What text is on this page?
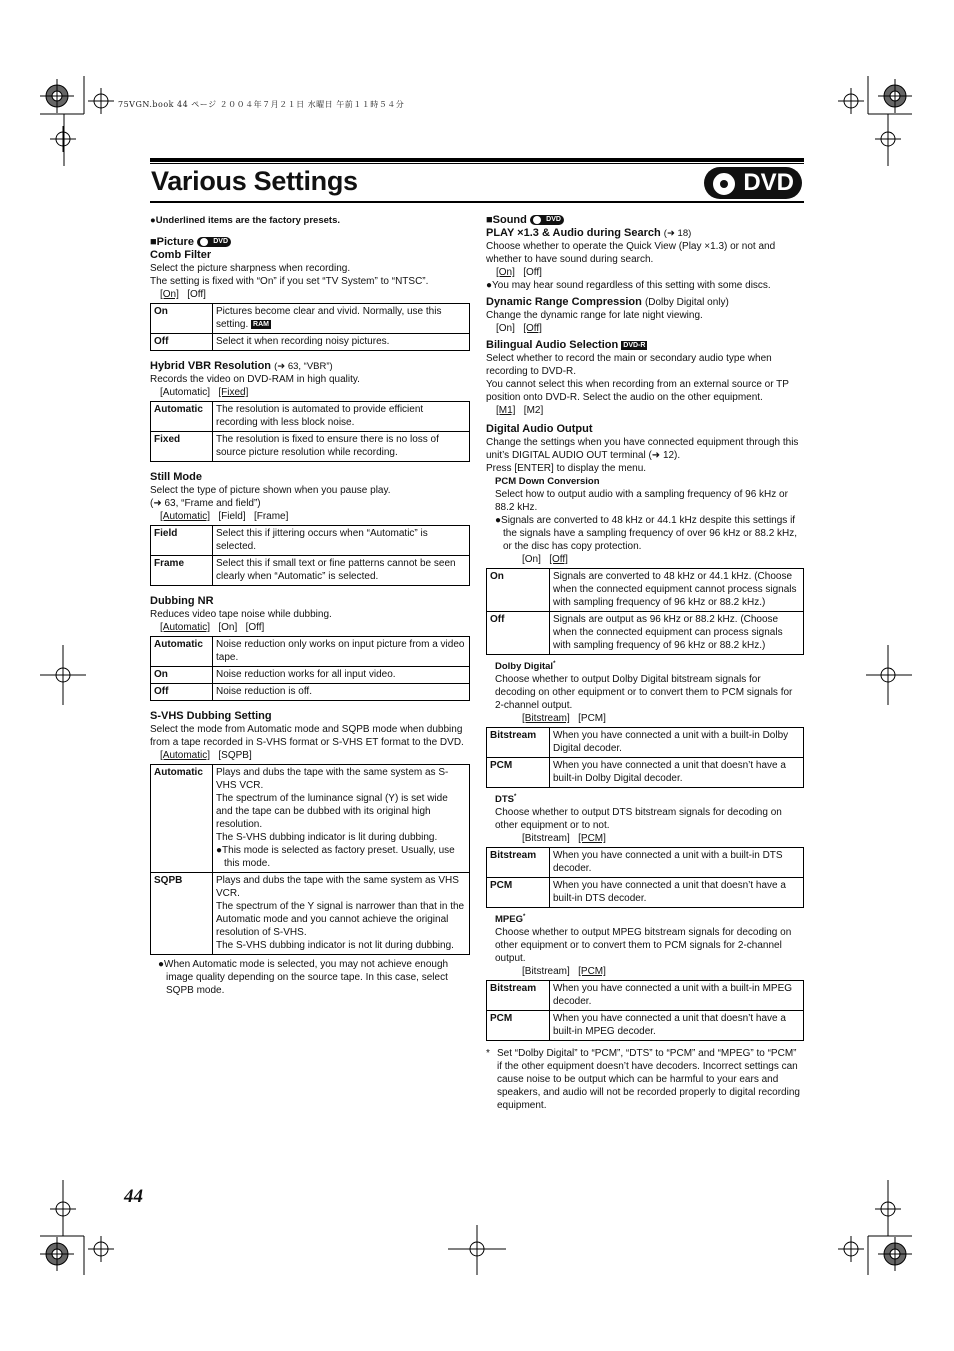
75VGN.book 44 ページ ２００４年７月２１日 水曜日 午前１１時５４分
Various Settings	DVD

●Underlined items are the factory presets.

■Picture	DVD

Comb Filter

Select the picture sharpness when recording.

The setting is fixed with “On” if you set “TV System” to “NTSC”.

[On] [Off]

On	Pictures become clear and vivid. Normally, use this setting. RAM
Off	Select it when recording noisy pictures.

Hybrid VBR Resolution (➜ 63, “VBR”)

Records the video on DVD-RAM in high quality.

[Automatic] [Fixed]

Automatic	The resolution is automated to provide efficient recording with less block noise.
Fixed	The resolution is fixed to ensure there is no loss of source picture resolution while recording.

Still Mode

Select the type of picture shown when you pause play.

(➜ 63, “Frame and field”)

[Automatic] [Field] [Frame]

Field	Select this if jittering occurs when “Automatic” is selected.
Frame	Select this if small text or fine patterns cannot be seen clearly when “Automatic” is selected.

Dubbing NR

Reduces video tape noise while dubbing.

[Automatic] [On] [Off]

Automatic	Noise reduction only works on input picture from a video tape.
On	Noise reduction works for all input video.
Off	Noise reduction is off.

S-VHS Dubbing Setting

Select the mode from Automatic mode and SQPB mode when dubbing from a tape recorded in S-VHS format or S-VHS ET format to the DVD.

[Automatic] [SQPB]

Automatic	Plays and dubs the tape with the same system as S-VHS VCR.
The spectrum of the luminance signal (Y) is set wide and the tape can be dubbed with its original high resolution.
The S-VHS dubbing indicator is lit during dubbing.
●This mode is selected as factory preset. Usually, use this mode.

SQPB	Plays and dubs the tape with the same system as VHS VCR.
The spectrum of the Y signal is narrower than that in the Automatic mode and you cannot achieve the original resolution of S-VHS.
The S-VHS dubbing indicator is not lit during dubbing.

●When Automatic mode is selected, you may not achieve enough image quality depending on the source tape. In this case, select SQPB mode.

■Sound	DVD

PLAY ×1.3 & Audio during Search (➜ 18)

Choose whether to operate the Quick View (Play ×1.3) or not and whether to have sound during search.

[On] [Off]

●You may hear sound regardless of this setting with some discs.

Dynamic Range Compression (Dolby Digital only)

Change the dynamic range for late night viewing.

[On] [Off]

Bilingual Audio Selection DVD-R

Select whether to record the main or secondary audio type when recording to DVD-R.

You cannot select this when recording from an external source or TP position onto DVD-R. Select the audio on the other equipment.

[M1] [M2]

Digital Audio Output

Change the settings when you have connected equipment through this unit’s DIGITAL AUDIO OUT terminal (➜ 12).

Press [ENTER] to display the menu.

PCM Down Conversion

Select how to output audio with a sampling frequency of 96 kHz or 88.2 kHz.

●Signals are converted to 48 kHz or 44.1 kHz despite this settings if the signals have a sampling frequency of over 96 kHz or 88.2 kHz, or the disc has copy protection.

[On] [Off]

On	Signals are converted to 48 kHz or 44.1 kHz. (Choose when the connected equipment cannot process signals with sampling frequency of 96 kHz or 88.2 kHz.)
Off	Signals are output as 96 kHz or 88.2 kHz. (Choose when the connected equipment can process signals with sampling frequency of 96 kHz or 88.2 kHz.)

Dolby Digital*

Choose whether to output Dolby Digital bitstream signals for decoding on other equipment or to convert them to PCM signals for 2-channel output.

[Bitstream] [PCM]

Bitstream	When you have connected a unit with a built-in Dolby Digital decoder.
PCM	When you have connected a unit that doesn’t have a built-in Dolby Digital decoder.

DTS*

Choose whether to output DTS bitstream signals for decoding on other equipment or to not.

[Bitstream] [PCM]

Bitstream	When you have connected a unit with a built-in DTS decoder.
PCM	When you have connected a unit that doesn’t have a built-in DTS decoder.

MPEG*

Choose whether to output MPEG bitstream signals for decoding on other equipment or to convert them to PCM signals for 2-channel output.

[Bitstream] [PCM]

Bitstream	When you have connected a unit with a built-in MPEG decoder.
PCM	When you have connected a unit that doesn’t have a built-in MPEG decoder.
* Set “Dolby Digital” to “PCM”, “DTS” to “PCM” and “MPEG” to “PCM” if the other equipment doesn’t have decoders. Incorrect settings can cause noise to be output which can be harmful to your ears and speakers, and audio will not be recorded properly to digital recording equipment.
44
